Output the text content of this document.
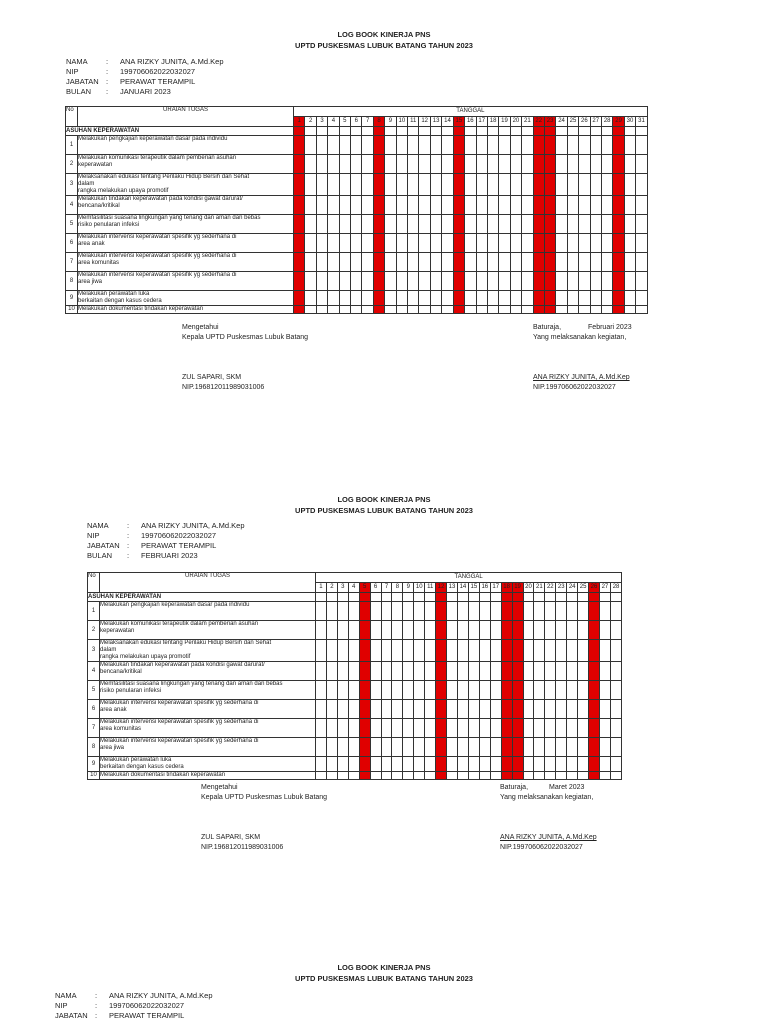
LOG BOOK KINERJA PNS
UPTD PUSKESMAS LUBUK BATANG TAHUN 2023
NAMA : ANA RIZKY JUNITA, A.Md.Kep
NIP	: 199706062022032027
JABATAN : PERAWAT TERAMPIL
BULAN : JANUARI 2023
No	URAIAN TUGAS	TANGGAL																														
		1	2	3	4	5	6	7	8	9	10	11	12	13	14	15	16	17	18	19	20	21	22	23	24	25	26	27	28	29	30	31
ASUHAN KEPERAWATAN																																
1	Melakukan pengkajian keperawatan dasar pada individu																															

2	Melakukan komunikasi terapeutik dalam pemberian asuhan
keperawatan																															

3	Melaksanakan edukasi tentang Perilaku Hidup Bersih dan Sehat
dalam
rangka melakukan upaya promotif																															

4	Melakukan tindakan keperawatan pada kondisi gawat darurat/
bencana/kritikal																															

5	Memfasilitasi suasana lingkungan yang tenang dan aman dan bebas
risiko penularan infeksi																															

6	Melakukan intervensi keperawatan spesifik yg sederhana di
area anak																															

7	Melakukan intervensi keperawatan spesifik yg sederhana di
area komunitas																															

8	Melakukan intervensi keperawatan spesifik yg sederhana di
area jiwa																															

9	Melakukan perawatan luka
berkaitan dengan kasus cedera																															

10	Melakukan dokumentasi tindakan keperawatan																															

Mengetahui
Kepala UPTD Puskesmas Lubuk Batang
ZUL SAPARI, SKM
NIP.196812011989031006
Baturaja,	Februari 2023
Yang melaksanakan kegiatan,
ANA RIZKY JUNITA, A.Md.Kep
NIP.199706062022032027
LOG BOOK KINERJA PNS
UPTD PUSKESMAS LUBUK BATANG TAHUN 2023
NAMA : ANA RIZKY JUNITA, A.Md.Kep
NIP	: 199706062022032027
JABATAN : PERAWAT TERAMPIL
BULAN : FEBRUARI 2023
No	URAIAN TUGAS	TANGGAL																											
		1	2	3	4	5	6	7	8	9	10	11	12	13	14	15	16	17	18	19	20	21	22	23	24	25	26	27	28
ASUHAN KEPERAWATAN																													
1	Melakukan pengkajian keperawatan dasar pada individu																												

2	Melakukan komunikasi terapeutik dalam pemberian asuhan
keperawatan																												

3	Melaksanakan edukasi tentang Perilaku Hidup Bersih dan Sehat
dalam
rangka melakukan upaya promotif																												

4	Melakukan tindakan keperawatan pada kondisi gawat darurat/
bencana/kritikal																												

5	Memfasilitasi suasana lingkungan yang tenang dan aman dan bebas
risiko penularan infeksi																												

6	Melakukan intervensi keperawatan spesifik yg sederhana di
area anak																												

7	Melakukan intervensi keperawatan spesifik yg sederhana di
area komunitas																												

8	Melakukan intervensi keperawatan spesifik yg sederhana di
area jiwa																												

9	Melakukan perawatan luka
berkaitan dengan kasus cedera																												

10	Melakukan dokumentasi tindakan keperawatan																												

Mengetahui
Kepala UPTD Puskesmas Lubuk Batang
ZUL SAPARI, SKM
NIP.196812011989031006
Baturaja,	Maret 2023
Yang melaksanakan kegiatan,
ANA RIZKY JUNITA, A.Md.Kep
NIP.199706062022032027
LOG BOOK KINERJA PNS
UPTD PUSKESMAS LUBUK BATANG TAHUN 2023
NAMA : ANA RIZKY JUNITA, A.Md.Kep
NIP	: 199706062022032027
JABATAN : PERAWAT TERAMPIL
